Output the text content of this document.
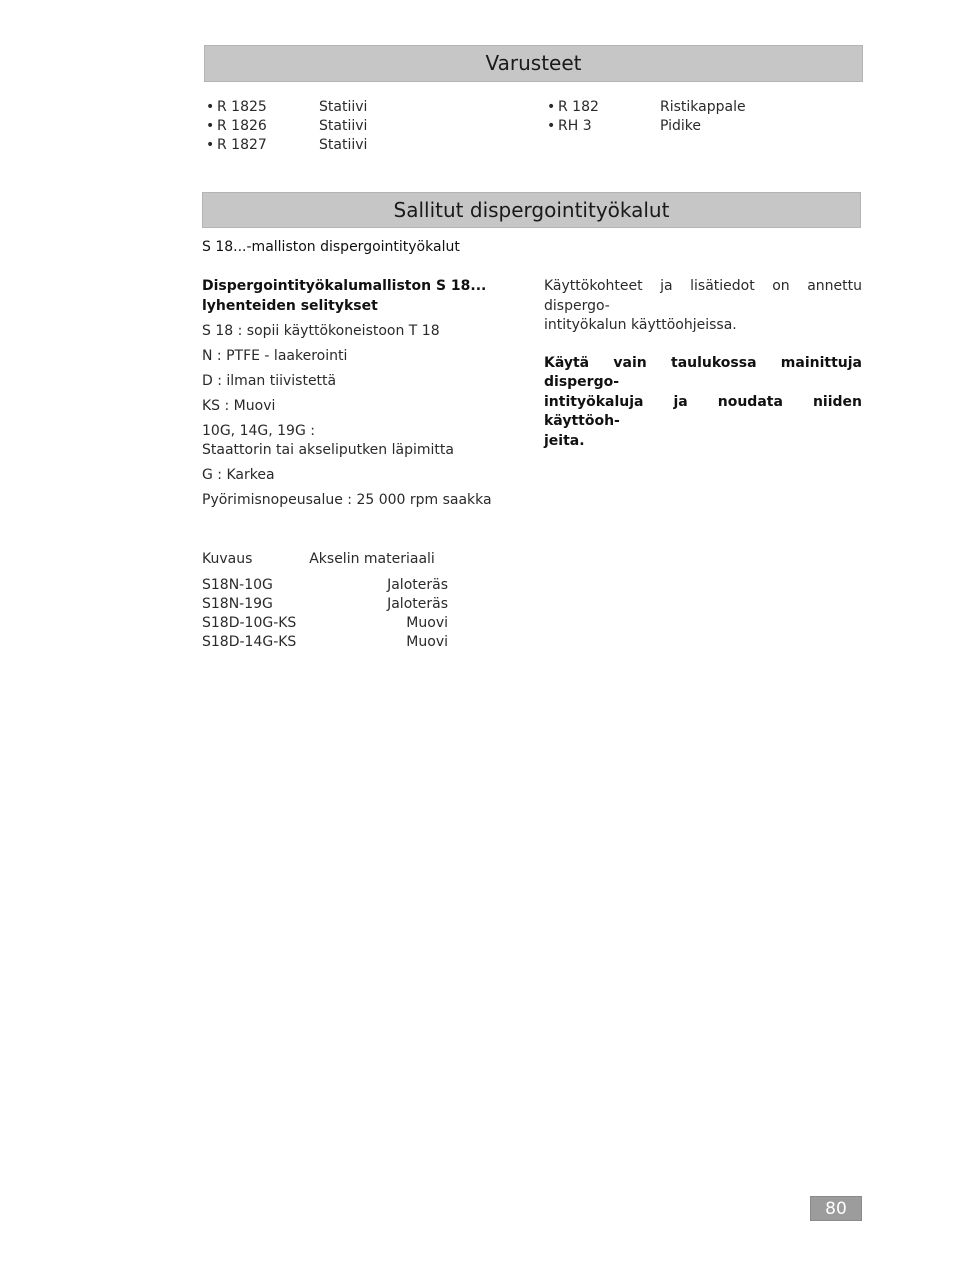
Varusteet
• R 1825	Statiivi
• R 1826	Statiivi
• R 1827	Statiivi
• R 182	Ristikappale
• RH 3	Pidike
Sallitut dispergointityökalut

S 18...-malliston dispergointityökalut

Dispergointityökalumalliston S 18...

lyhenteiden selitykset

S 18 : sopii käyttökoneistoon T 18

N : PTFE - laakerointi

D : ilman tiivistettä

KS : Muovi

10G, 14G, 19G :

Staattorin tai akseliputken läpimitta

G : Karkea

Pyörimisnopeusalue : 25 000 rpm saakka

Käyttökohteet ja lisätiedot on annettu dispergo-

intityökalun käyttöohjeissa.

Käytä vain taulukossa mainittuja dispergo-

intityökaluja ja noudata niiden käyttöoh-

jeita.

Kuvaus	Akselin materiaali
S18N-10G	Jaloteräs
S18N-19G	Jaloteräs
S18D-10G-KS	Muovi
S18D-14G-KS	Muovi
80
